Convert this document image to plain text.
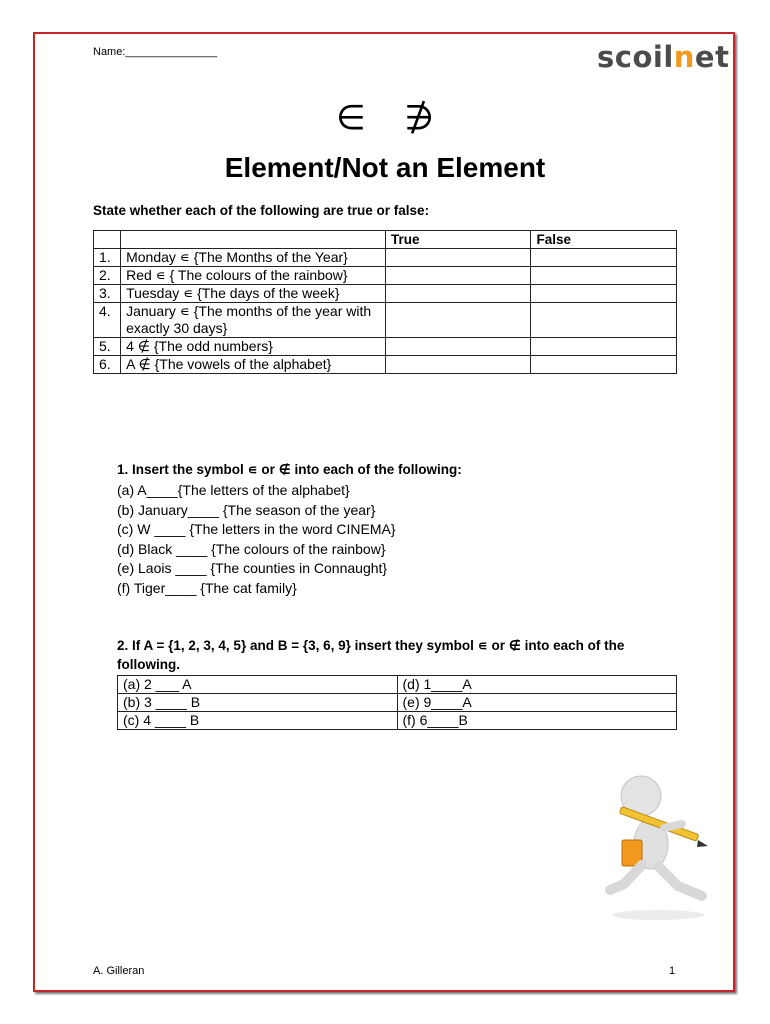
Name:_______________	scoilnet
∈ ∌
Element/Not an Element
State whether each of the following are true or false:
		True	False
1.	Monday ∊ {The Months of the Year}		
2.	Red ∊ { The colours of the rainbow}		
3.	Tuesday ∊ {The days of the week}		
4.	January ∊ {The months of the year with exactly 30 days}		
5.	4 ∉ {The odd numbers}		
6.	A ∉ {The vowels of the alphabet}		
1. Insert the symbol ∊ or ∉ into each of the following:
(a) A____{The letters of the alphabet}
(b) January____ {The season of the year}
(c) W ____ {The letters in the word CINEMA}
(d) Black ____ {The colours of the rainbow}
(e) Laois ____ {The counties in Connaught}
(f) Tiger____ {The cat family}
2. If A = {1, 2, 3, 4, 5} and B = {3, 6, 9} insert they symbol ∊ or ∉ into each of the following.
(a) 2 ___ A	(d) 1____A
(b) 3 ____ B	(e) 9____A
(c) 4 ____ B	(f) 6____B
A. Gilleran	1
